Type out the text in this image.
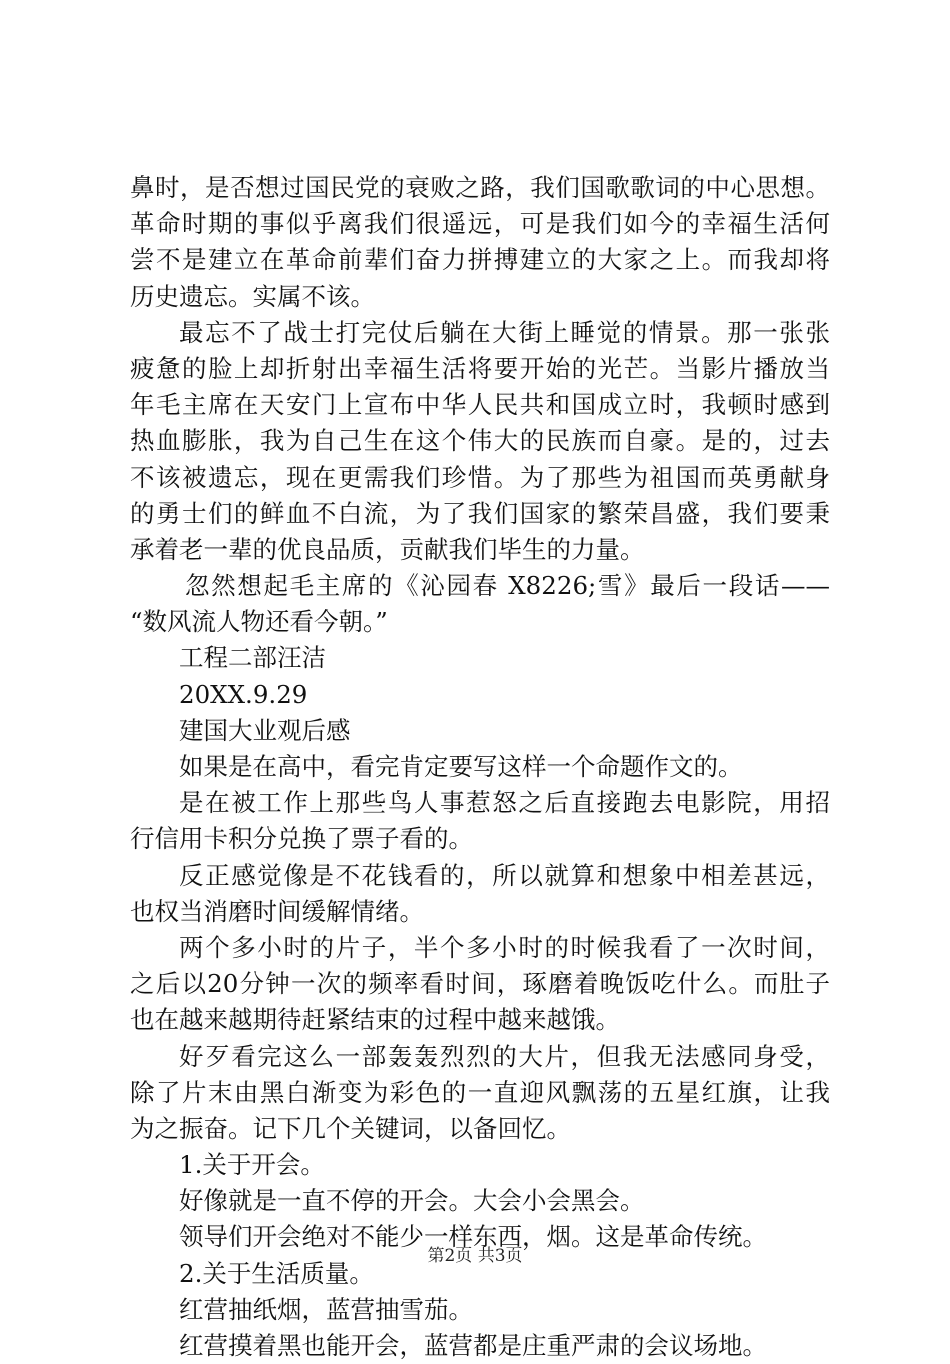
鼻时，是否想过国民党的衰败之路，我们国歌歌词的中心思想。
革命时期的事似乎离我们很遥远，可是我们如今的幸福生活何
尝不是建立在革命前辈们奋力拼搏建立的大家之上。而我却将
历史遗忘。实属不该。
最忘不了战士打完仗后躺在大街上睡觉的情景。那一张张
疲惫的脸上却折射出幸福生活将要开始的光芒。当影片播放当
年毛主席在天安门上宣布中华人民共和国成立时，我顿时感到
热血膨胀，我为自己生在这个伟大的民族而自豪。是的，过去
不该被遗忘，现在更需我们珍惜。为了那些为祖国而英勇献身
的勇士们的鲜血不白流，为了我们国家的繁荣昌盛，我们要秉
承着老一辈的优良品质，贡献我们毕生的力量。
忽然想起毛主席的《沁园春 X8226;雪》最后一段话——
“数风流人物还看今朝。”
工程二部汪洁
20XX.9.29
建国大业观后感
如果是在高中，看完肯定要写这样一个命题作文的。
是在被工作上那些鸟人事惹怒之后直接跑去电影院，用招
行信用卡积分兑换了票子看的。
反正感觉像是不花钱看的，所以就算和想象中相差甚远，
也权当消磨时间缓解情绪。
两个多小时的片子，半个多小时的时候我看了一次时间，
之后以20分钟一次的频率看时间，琢磨着晚饭吃什么。而肚子
也在越来越期待赶紧结束的过程中越来越饿。
好歹看完这么一部轰轰烈烈的大片，但我无法感同身受，
除了片末由黑白渐变为彩色的一直迎风飘荡的五星红旗，让我
为之振奋。记下几个关键词，以备回忆。
1.关于开会。
好像就是一直不停的开会。大会小会黑会。
领导们开会绝对不能少一样东西，烟。这是革命传统。
2.关于生活质量。
红营抽纸烟，蓝营抽雪茄。
红营摸着黑也能开会，蓝营都是庄重严肃的会议场地。
第2页 共3页
